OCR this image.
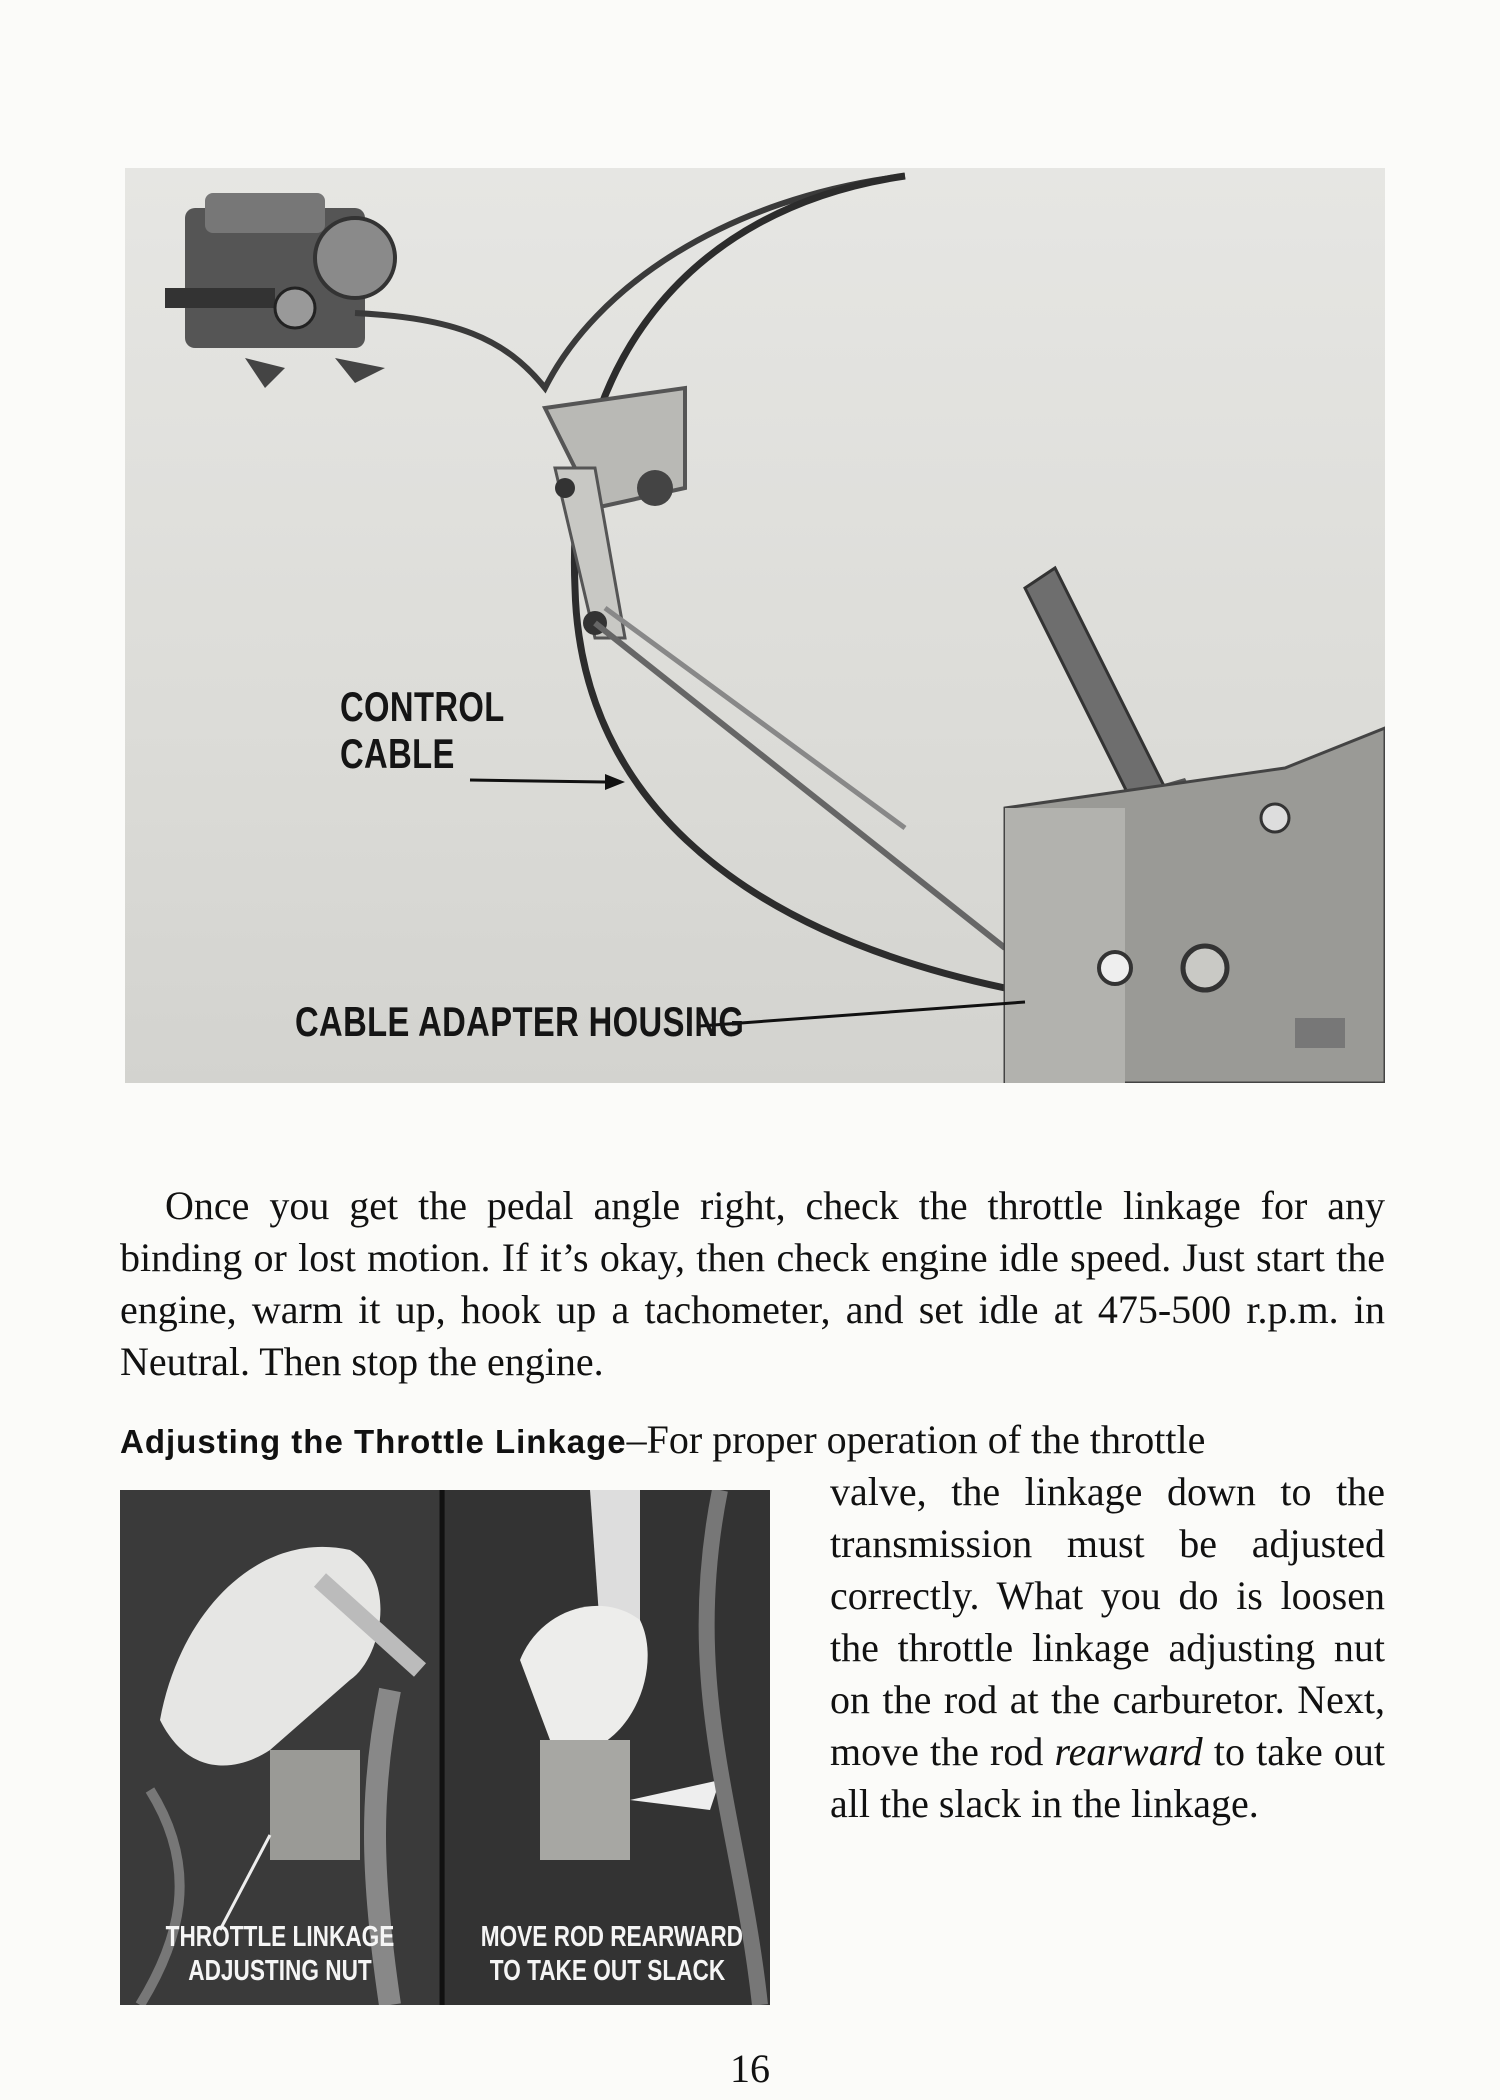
CONTROL
CABLE
CABLE ADAPTER HOUSING
Once you get the pedal angle right, check the throttle linkage for any binding or lost motion. If it’s okay, then check engine idle speed. Just start the engine, warm it up, hook up a tachometer, and set idle at 475-500 r.p.m. in Neutral. Then stop the engine.
Adjusting the Throttle Linkage–For proper operation of the throttle
valve, the linkage down to the transmission must be adjusted correctly. What you do is loosen the throttle linkage adjusting nut on the rod at the carburetor. Next, move the rod rearward to take out all the slack in the linkage.
THROTTLE LINKAGE
ADJUSTING NUT
MOVE ROD REARWARD
TO TAKE OUT SLACK
16
